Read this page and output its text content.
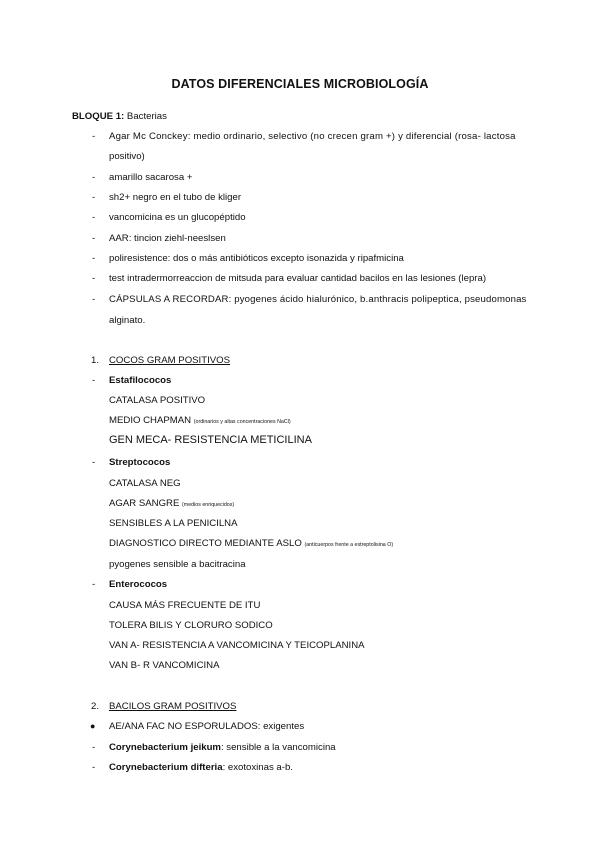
DATOS DIFERENCIALES MICROBIOLOGÍA
BLOQUE 1: Bacterias
- Agar Mc Conckey: medio ordinario, selectivo (no crecen gram +) y diferencial (rosa- lactosa
positivo)
- amarillo sacarosa +
- sh2+ negro en el tubo de kliger
- vancomicina es un glucopéptido
- AAR: tincion ziehl-neeslsen
- poliresistence: dos o más antibióticos excepto isonazida y ripafmicina
- test intradermorreaccion de mitsuda para evaluar cantidad bacilos en las lesiones (lepra)
- CÁPSULAS A RECORDAR: pyogenes ácido hialurónico, b.anthracis polipeptica, pseudomonas
alginato.
1. COCOS GRAM POSITIVOS
- Estafilococos
CATALASA POSITIVO
MEDIO CHAPMAN (ordinarios y altas concentraciones NaCl)
GEN MECA- RESISTENCIA METICILINA
- Streptococos
CATALASA NEG
AGAR SANGRE (medios enriquecidos)
SENSIBLES A LA PENICILNA
DIAGNOSTICO DIRECTO MEDIANTE ASLO (anticuerpos frente a estreptolisina O)
pyogenes sensible a bacitracina
- Enterococos
CAUSA MÁS FRECUENTE DE ITU
TOLERA BILIS Y CLORURO SODICO
VAN A- RESISTENCIA A VANCOMICINA Y TEICOPLANINA
VAN B- R VANCOMICINA
2. BACILOS GRAM POSITIVOS
● AE/ANA FAC NO ESPORULADOS: exigentes
- Corynebacterium jeikum: sensible a la vancomicina
- Corynebacterium difteria: exotoxinas a-b.
